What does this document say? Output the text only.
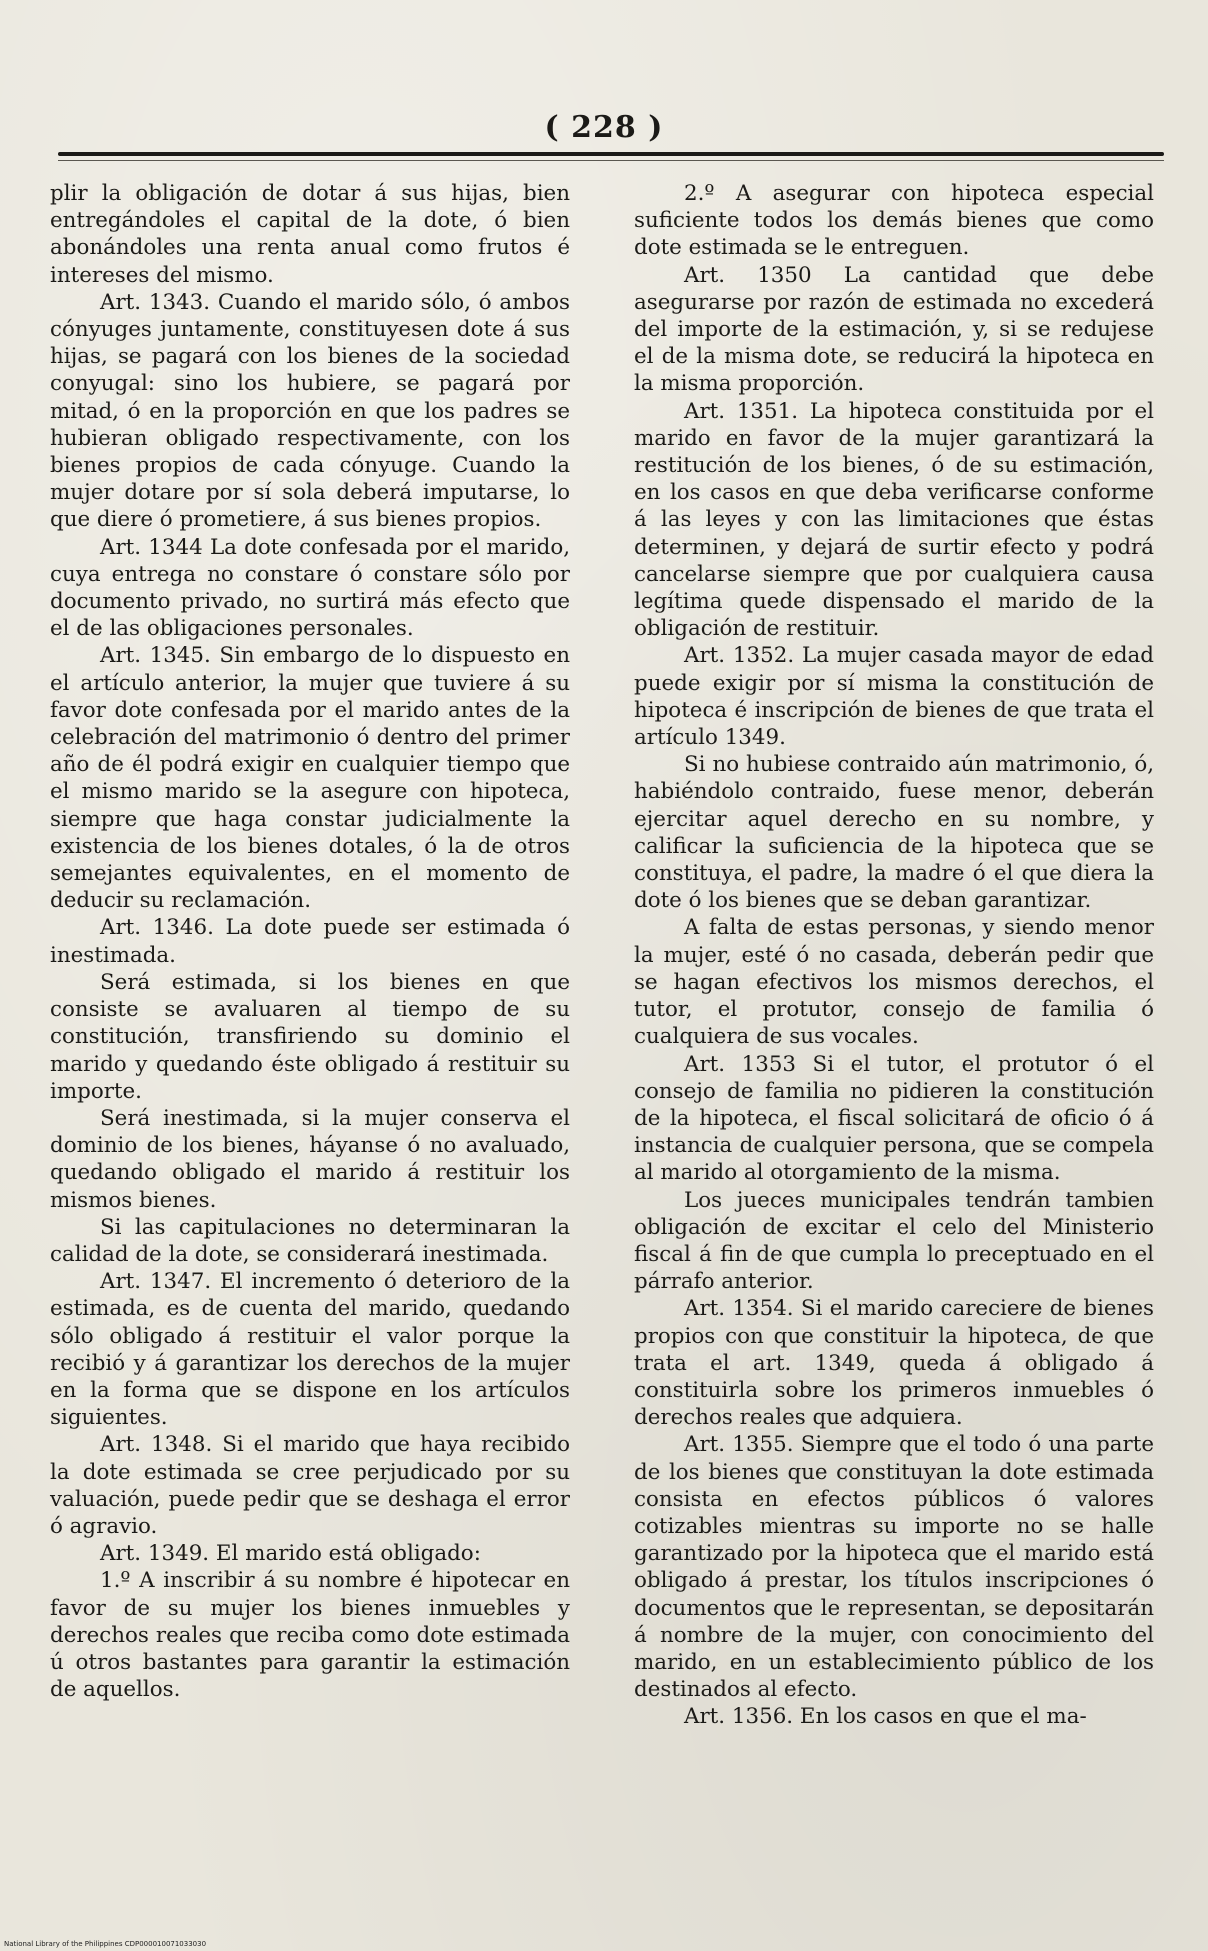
( 228 )

plir la obligación de dotar á sus hijas, bien entregándoles el capital de la dote, ó bien abonándoles una renta anual como frutos é intereses del mismo.

Art. 1343. Cuando el marido sólo, ó ambos cónyuges juntamente, constituyesen dote á sus hijas, se pagará con los bienes de la sociedad conyugal: sino los hubiere, se pagará por mitad, ó en la proporción en que los padres se hubieran obligado respectivamente, con los bienes propios de cada cónyuge. Cuando la mujer dotare por sí sola deberá imputarse, lo que diere ó prometiere, á sus bienes propios.

Art. 1344 La dote confesada por el marido, cuya entrega no constare ó constare sólo por documento privado, no surtirá más efecto que el de las obligaciones personales.

Art. 1345. Sin embargo de lo dispuesto en el artículo anterior, la mujer que tuviere á su favor dote confesada por el marido antes de la celebración del matrimonio ó dentro del primer año de él podrá exigir en cualquier tiempo que el mismo marido se la asegure con hipoteca, siempre que haga constar judicialmente la existencia de los bienes dotales, ó la de otros semejantes equivalentes, en el momento de deducir su reclamación.

Art. 1346. La dote puede ser estimada ó inestimada.

Será estimada, si los bienes en que consiste se avaluaren al tiempo de su constitución, transfiriendo su dominio el marido y quedando éste obligado á restituir su importe.

Será inestimada, si la mujer conserva el dominio de los bienes, háyanse ó no avaluado, quedando obligado el marido á restituir los mismos bienes.

Si las capitulaciones no determinaran la calidad de la dote, se considerará inestimada.

Art. 1347. El incremento ó deterioro de la estimada, es de cuenta del marido, quedando sólo obligado á restituir el valor porque la recibió y á garantizar los derechos de la mujer en la forma que se dispone en los artículos siguientes.

Art. 1348. Si el marido que haya recibido la dote estimada se cree perjudicado por su valuación, puede pedir que se deshaga el error ó agravio.

Art. 1349. El marido está obligado:

1.º A inscribir á su nombre é hipotecar en favor de su mujer los bienes inmuebles y derechos reales que reciba como dote estimada ú otros bastantes para garantir la estimación de aquellos.

2.º A asegurar con hipoteca especial suficiente todos los demás bienes que como dote estimada se le entreguen.

Art. 1350 La cantidad que debe asegurarse por razón de estimada no excederá del importe de la estimación, y, si se redujese el de la misma dote, se reducirá la hipoteca en la misma proporción.

Art. 1351. La hipoteca constituida por el marido en favor de la mujer garantizará la restitución de los bienes, ó de su estimación, en los casos en que deba verificarse conforme á las leyes y con las limitaciones que éstas determinen, y dejará de surtir efecto y podrá cancelarse siempre que por cualquiera causa legítima quede dispensado el marido de la obligación de restituir.

Art. 1352. La mujer casada mayor de edad puede exigir por sí misma la constitución de hipoteca é inscripción de bienes de que trata el artículo 1349.

Si no hubiese contraido aún matrimonio, ó, habiéndolo contraido, fuese menor, deberán ejercitar aquel derecho en su nombre, y calificar la suficiencia de la hipoteca que se constituya, el padre, la madre ó el que diera la dote ó los bienes que se deban garantizar.

A falta de estas personas, y siendo menor la mujer, esté ó no casada, deberán pedir que se hagan efectivos los mismos derechos, el tutor, el protutor, consejo de familia ó cualquiera de sus vocales.

Art. 1353 Si el tutor, el protutor ó el consejo de familia no pidieren la constitución de la hipoteca, el fiscal solicitará de oficio ó á instancia de cualquier persona, que se compela al marido al otorgamiento de la misma.

Los jueces municipales tendrán tambien obligación de excitar el celo del Ministerio fiscal á fin de que cumpla lo preceptuado en el párrafo anterior.

Art. 1354. Si el marido careciere de bienes propios con que constituir la hipoteca, de que trata el art. 1349, queda á obligado á constituirla sobre los primeros inmuebles ó derechos reales que adquiera.

Art. 1355. Siempre que el todo ó una parte de los bienes que constituyan la dote estimada consista en efectos públicos ó valores cotizables mientras su importe no se halle garantizado por la hipoteca que el marido está obligado á prestar, los títulos inscripciones ó documentos que le representan, se depositarán á nombre de la mujer, con conocimiento del marido, en un establecimiento público de los destinados al efecto.

Art. 1356. En los casos en que el ma-

National Library of the Philippines CDP000010071033030
